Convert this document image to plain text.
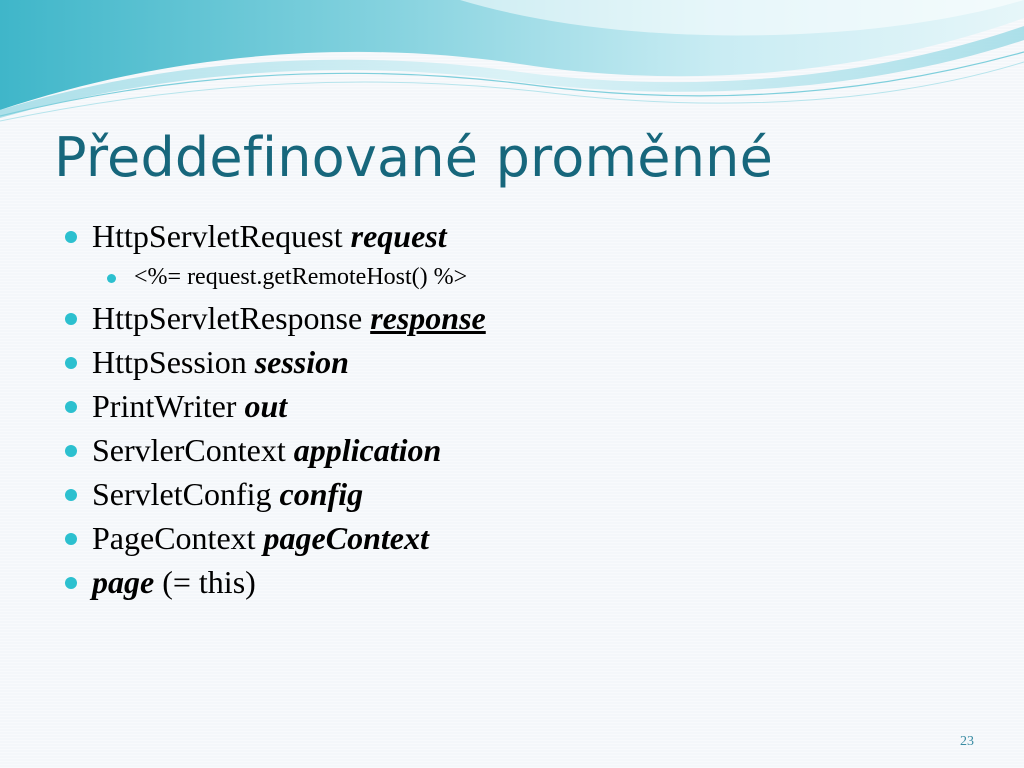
Předdefinované proměnné
HttpServletRequest request
<%= request.getRemoteHost() %>
HttpServletResponse response
HttpSession session
PrintWriter out
ServlerContext application
ServletConfig config
PageContext pageContext
page (= this)
23
